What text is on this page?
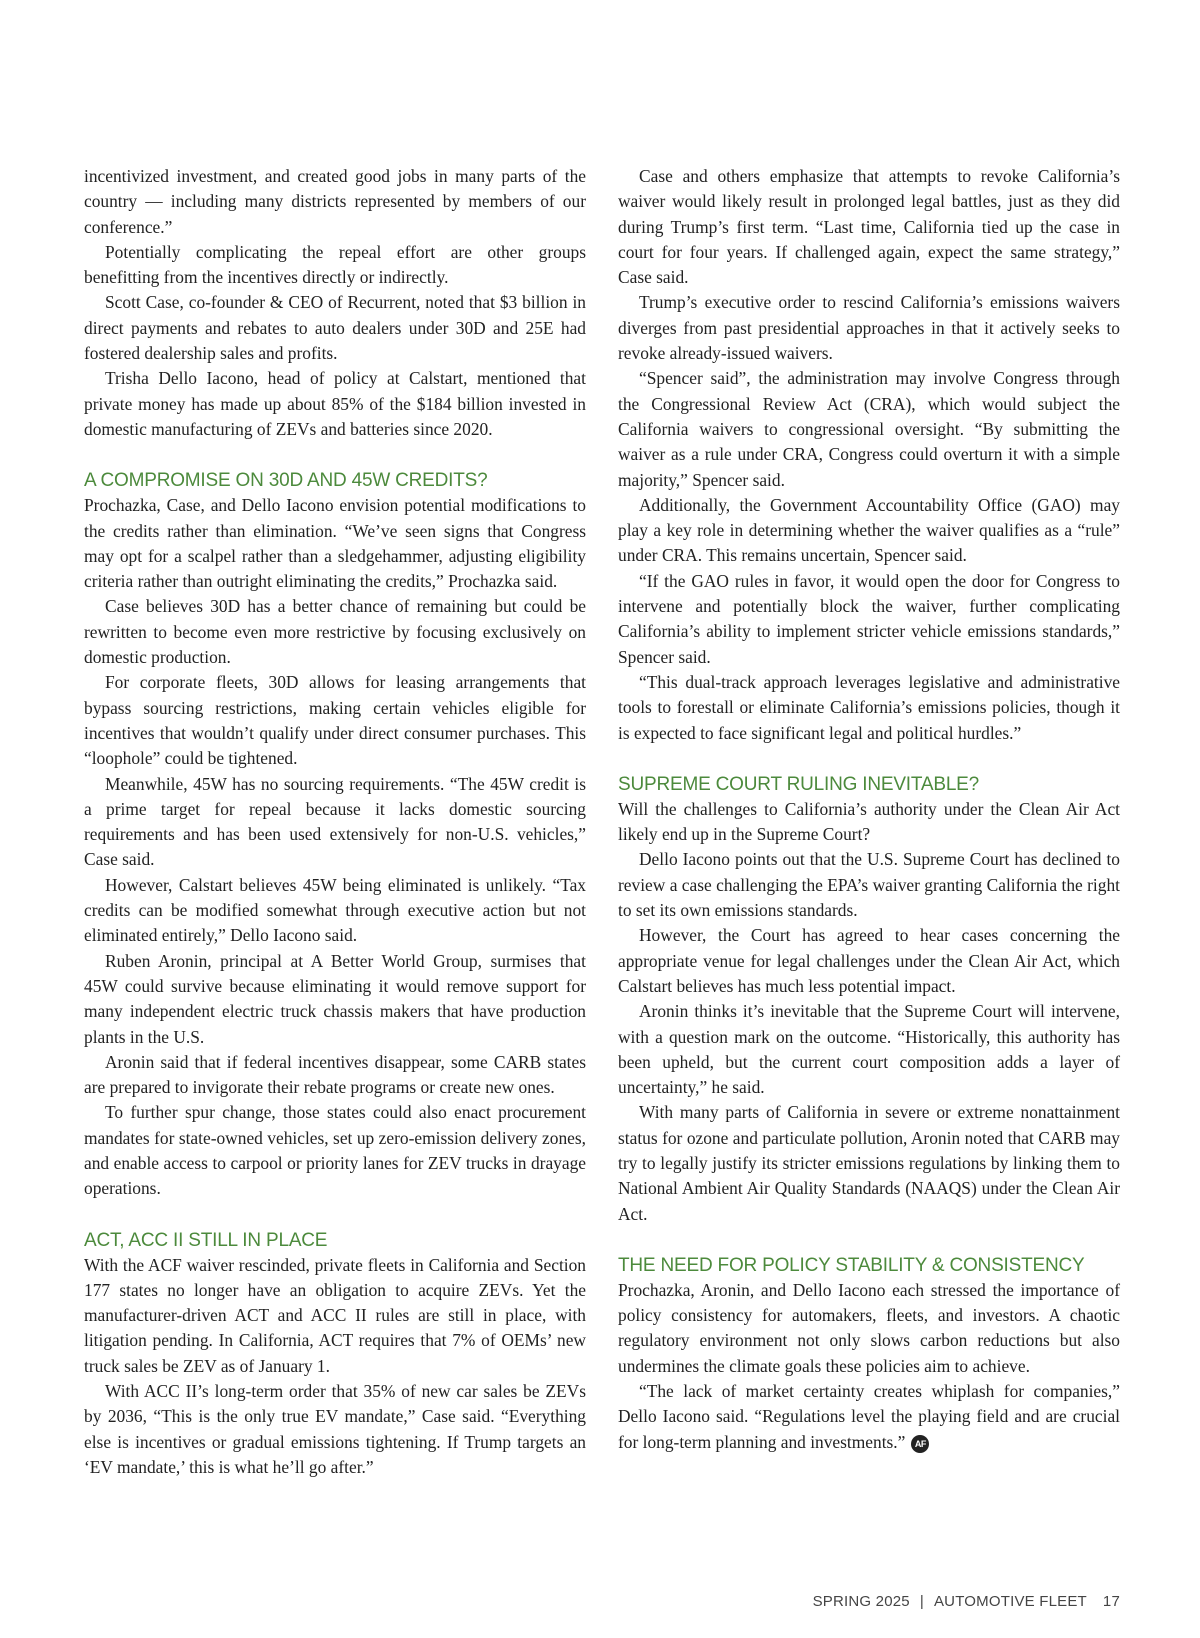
incentivized investment, and created good jobs in many parts of the country — including many districts represented by members of our conference.”

Potentially complicating the repeal effort are other groups benefitting from the incentives directly or indirectly.

Scott Case, co-founder & CEO of Recurrent, noted that $3 billion in direct payments and rebates to auto dealers under 30D and 25E had fostered dealership sales and profits.

Trisha Dello Iacono, head of policy at Calstart, mentioned that private money has made up about 85% of the $184 billion invested in domestic manufacturing of ZEVs and batteries since 2020.

A COMPROMISE ON 30D AND 45W CREDITS?

Prochazka, Case, and Dello Iacono envision potential modifications to the credits rather than elimination. “We’ve seen signs that Congress may opt for a scalpel rather than a sledgehammer, adjusting eligibility criteria rather than outright eliminating the credits,” Prochazka said.

Case believes 30D has a better chance of remaining but could be rewritten to become even more restrictive by focusing exclusively on domestic production.

For corporate fleets, 30D allows for leasing arrangements that bypass sourcing restrictions, making certain vehicles eligible for incentives that wouldn’t qualify under direct consumer purchases. This “loophole” could be tightened.

Meanwhile, 45W has no sourcing requirements. “The 45W credit is a prime target for repeal because it lacks domestic sourcing requirements and has been used extensively for non-U.S. vehicles,” Case said.

However, Calstart believes 45W being eliminated is unlikely. “Tax credits can be modified somewhat through executive action but not eliminated entirely,” Dello Iacono said.

Ruben Aronin, principal at A Better World Group, surmises that 45W could survive because eliminating it would remove support for many independent electric truck chassis makers that have production plants in the U.S.

Aronin said that if federal incentives disappear, some CARB states are prepared to invigorate their rebate programs or create new ones.

To further spur change, those states could also enact procurement mandates for state-owned vehicles, set up zero-emission delivery zones, and enable access to carpool or priority lanes for ZEV trucks in drayage operations.

ACT, ACC II STILL IN PLACE

With the ACF waiver rescinded, private fleets in California and Section 177 states no longer have an obligation to acquire ZEVs. Yet the manufacturer-driven ACT and ACC II rules are still in place, with litigation pending. In California, ACT requires that 7% of OEMs’ new truck sales be ZEV as of January 1.

With ACC II’s long-term order that 35% of new car sales be ZEVs by 2036, “This is the only true EV mandate,” Case said. “Everything else is incentives or gradual emissions tightening. If Trump targets an ‘EV mandate,’ this is what he’ll go after.”

Case and others emphasize that attempts to revoke California’s waiver would likely result in prolonged legal battles, just as they did during Trump’s first term. “Last time, California tied up the case in court for four years. If challenged again, expect the same strategy,” Case said.

Trump’s executive order to rescind California’s emissions waivers diverges from past presidential approaches in that it actively seeks to revoke already-issued waivers.

“Spencer said”, the administration may involve Congress through the Congressional Review Act (CRA), which would subject the California waivers to congressional oversight. “By submitting the waiver as a rule under CRA, Congress could overturn it with a simple majority,” Spencer said.

Additionally, the Government Accountability Office (GAO) may play a key role in determining whether the waiver qualifies as a “rule” under CRA. This remains uncertain, Spencer said.

“If the GAO rules in favor, it would open the door for Congress to intervene and potentially block the waiver, further complicating California’s ability to implement stricter vehicle emissions standards,” Spencer said.

“This dual-track approach leverages legislative and administrative tools to forestall or eliminate California’s emissions policies, though it is expected to face significant legal and political hurdles.”

SUPREME COURT RULING INEVITABLE?

Will the challenges to California’s authority under the Clean Air Act likely end up in the Supreme Court?

Dello Iacono points out that the U.S. Supreme Court has declined to review a case challenging the EPA’s waiver granting California the right to set its own emissions standards.

However, the Court has agreed to hear cases concerning the appropriate venue for legal challenges under the Clean Air Act, which Calstart believes has much less potential impact.

Aronin thinks it’s inevitable that the Supreme Court will intervene, with a question mark on the outcome. “Historically, this authority has been upheld, but the current court composition adds a layer of uncertainty,” he said.

With many parts of California in severe or extreme nonattainment status for ozone and particulate pollution, Aronin noted that CARB may try to legally justify its stricter emissions regulations by linking them to National Ambient Air Quality Standards (NAAQS) under the Clean Air Act.

THE NEED FOR POLICY STABILITY & CONSISTENCY

Prochazka, Aronin, and Dello Iacono each stressed the importance of policy consistency for automakers, fleets, and investors. A chaotic regulatory environment not only slows carbon reductions but also undermines the climate goals these policies aim to achieve.

“The lack of market certainty creates whiplash for companies,” Dello Iacono said. “Regulations level the playing field and are crucial for long-term planning and investments.” AF

SPRING 2025 | AUTOMOTIVE FLEET 17
